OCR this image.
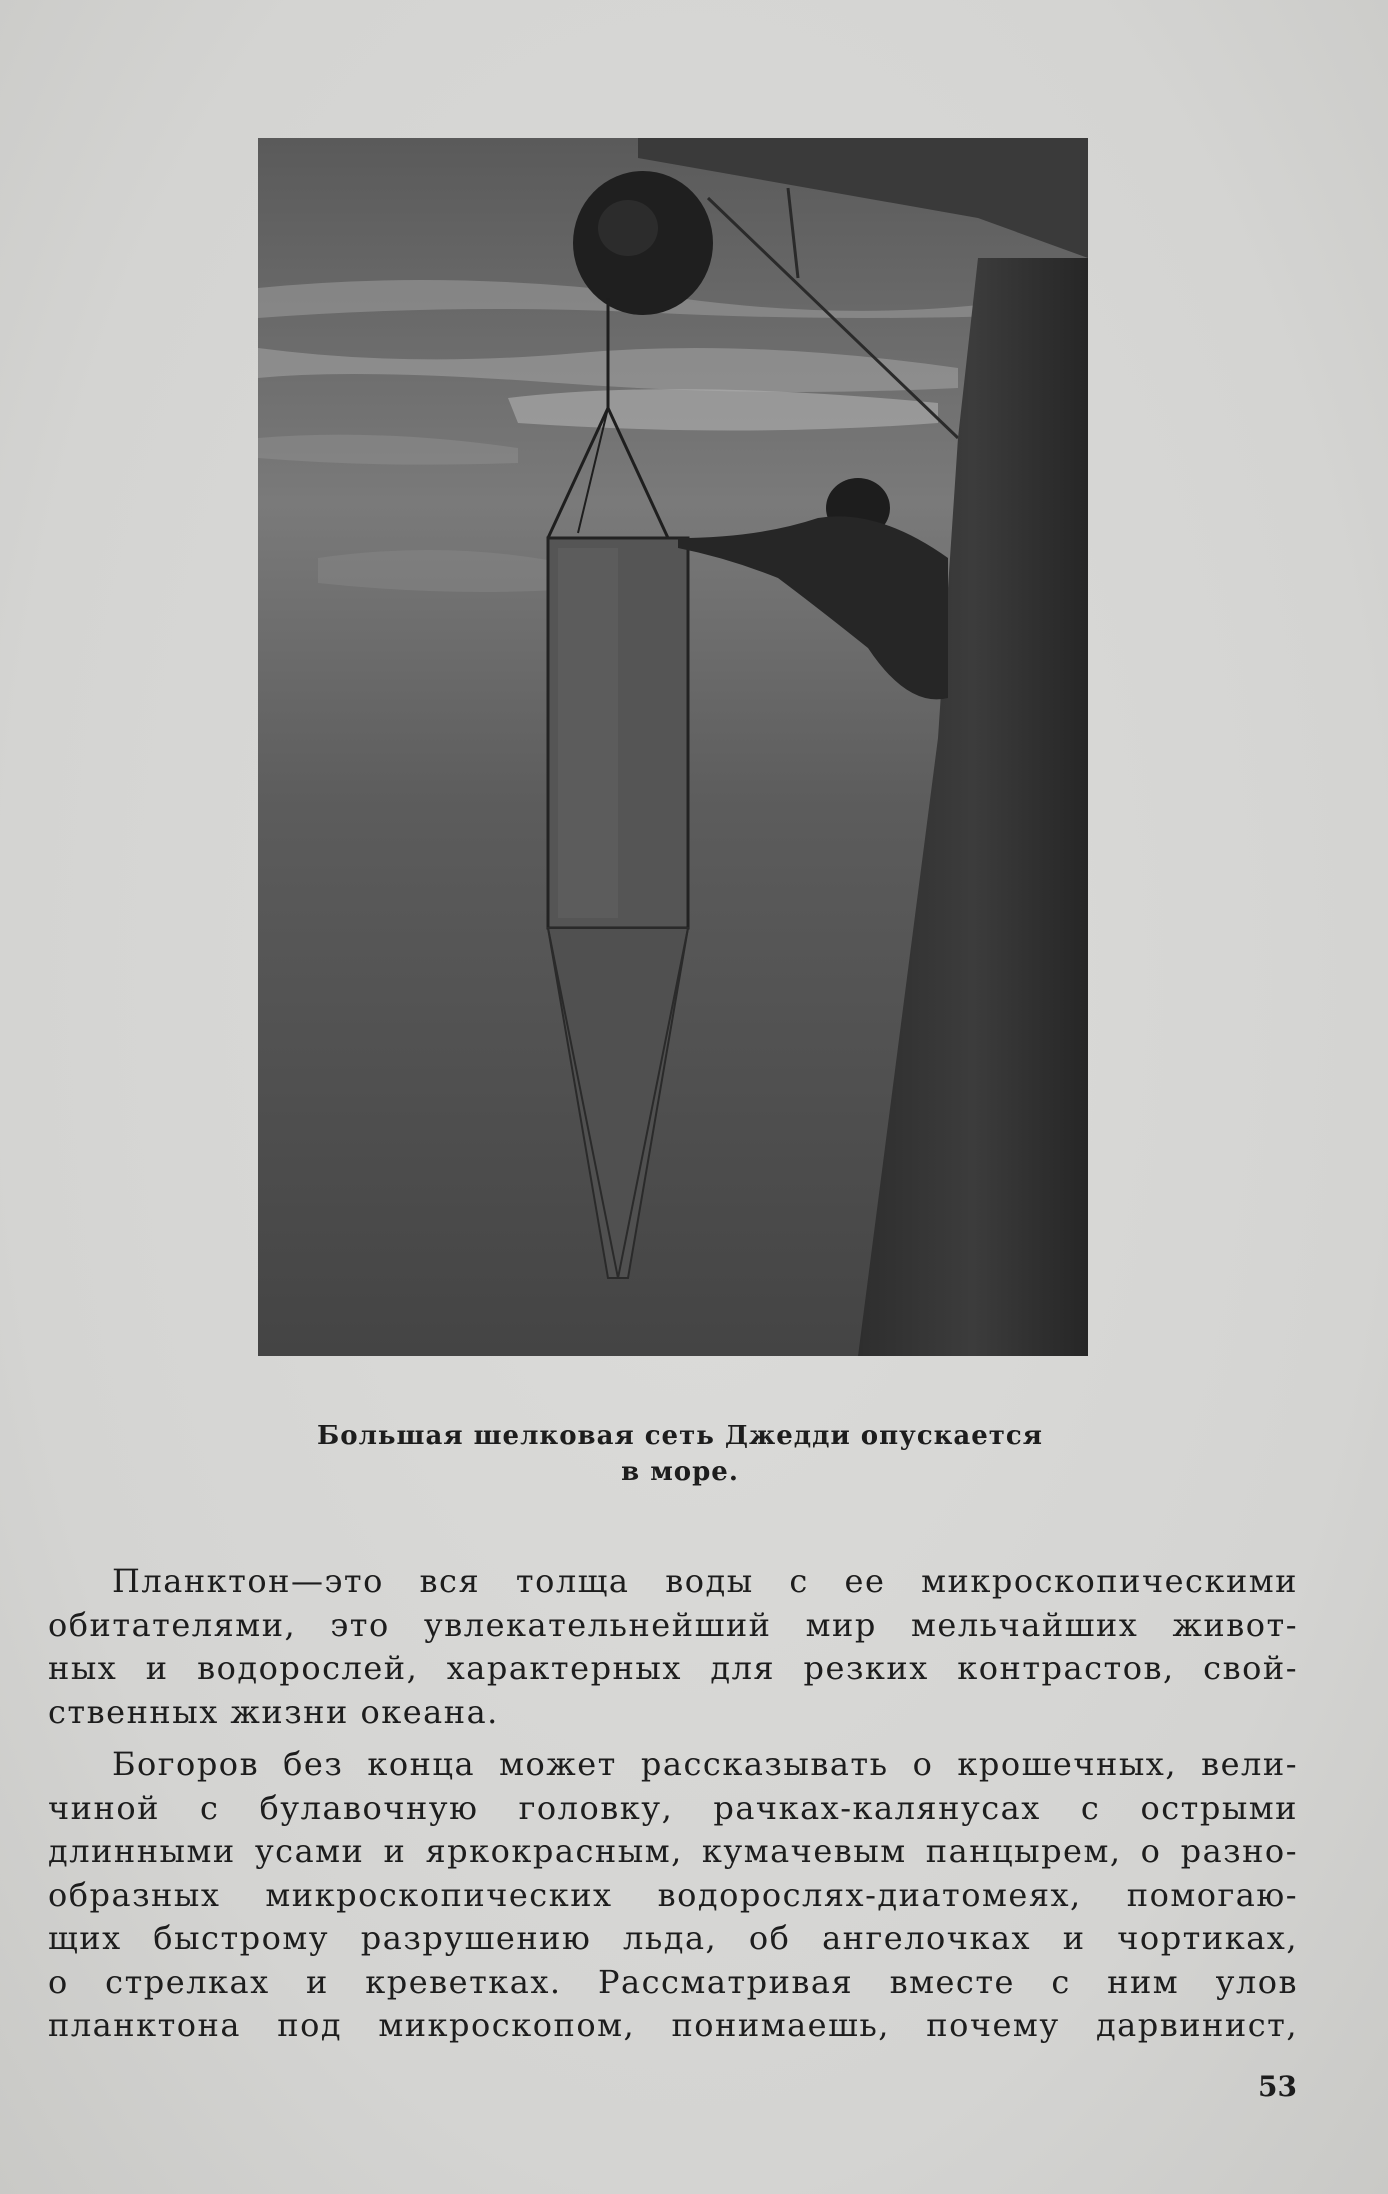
Большая шелковая сеть Джедди опускается
в море.

Планктон—это вся толща воды с ее микроскопическими

обитателями, это увлекательнейший мир мельчайших живот-

ных и водорослей, характерных для резких контрастов, свой-

ственных жизни океана.

Богоров без конца может рассказывать о крошечных, вели-

чиной с булавочную головку, рачках-калянусах с острыми

длинными усами и яркокрасным, кумачевым панцырем, о разно-

образных микроскопических водорослях-диатомеях, помогаю-

щих быстрому разрушению льда, об ангелочках и чортиках,

о стрелках и креветках. Рассматривая вместе с ним улов

планктона под микроскопом, понимаешь, почему дарвинист,

53
